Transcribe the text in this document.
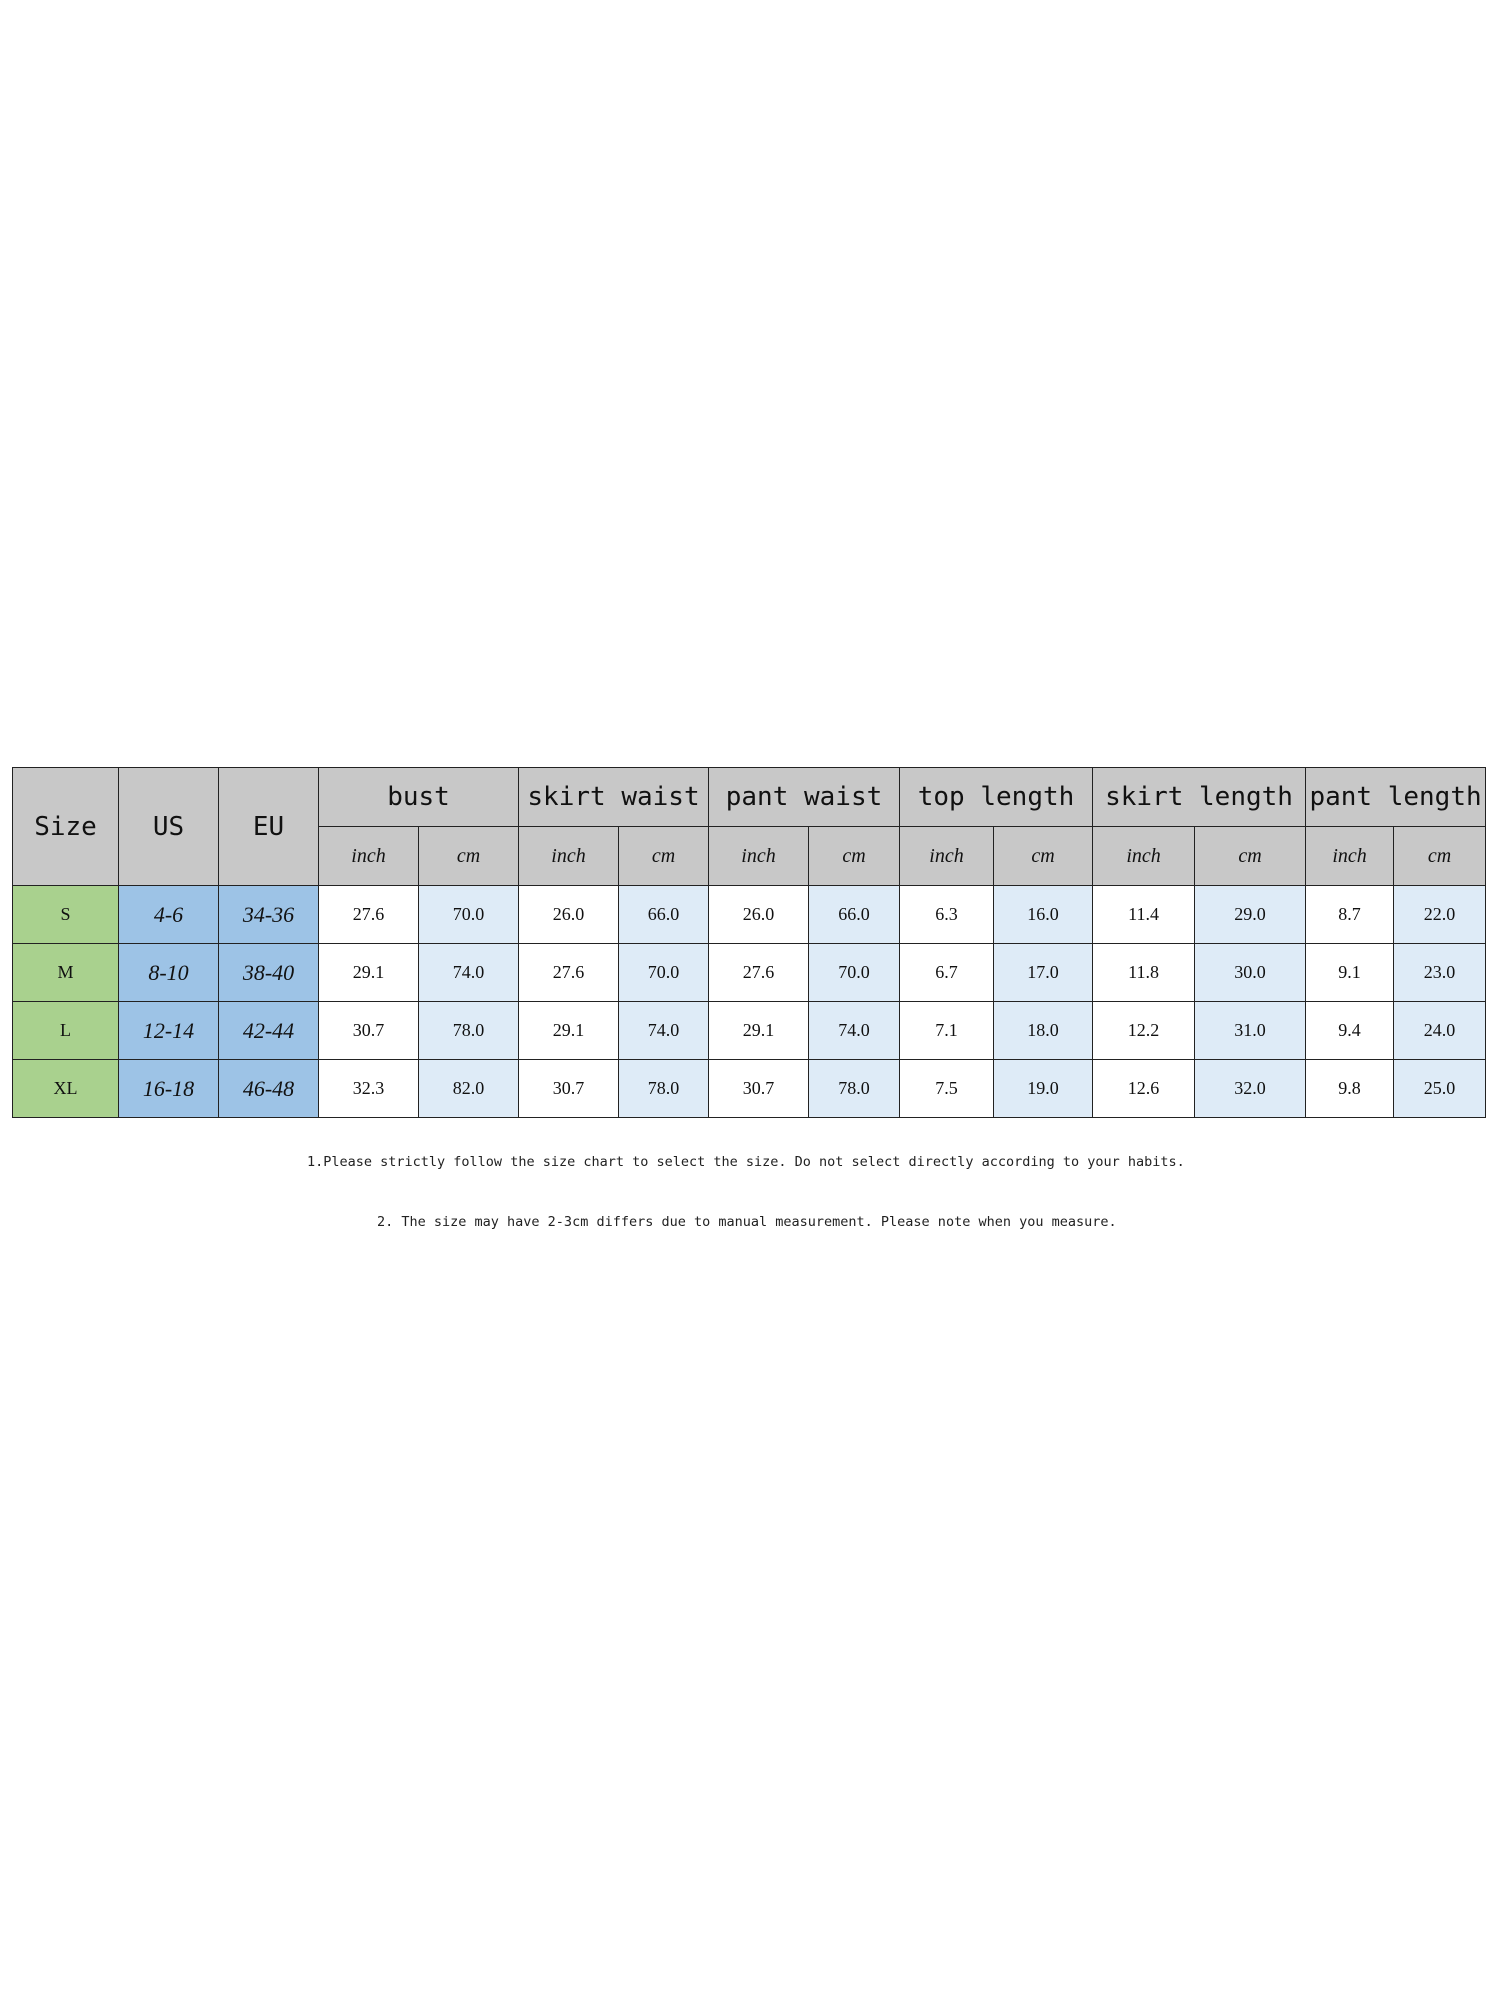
Size	US	EU	bust		skirt waist		pant waist		top length		skirt length		pant length	
			inch	cm	inch	cm	inch	cm	inch	cm	inch	cm	inch	cm
S	4-6	34-36	27.6	70.0	26.0	66.0	26.0	66.0	6.3	16.0	11.4	29.0	8.7	22.0
M	8-10	38-40	29.1	74.0	27.6	70.0	27.6	70.0	6.7	17.0	11.8	30.0	9.1	23.0
L	12-14	42-44	30.7	78.0	29.1	74.0	29.1	74.0	7.1	18.0	12.2	31.0	9.4	24.0
XL	16-18	46-48	32.3	82.0	30.7	78.0	30.7	78.0	7.5	19.0	12.6	32.0	9.8	25.0
1.Please strictly follow the size chart to select the size. Do not select directly according to your habits.
2. The size may have 2-3cm differs due to manual measurement. Please note when you measure.
